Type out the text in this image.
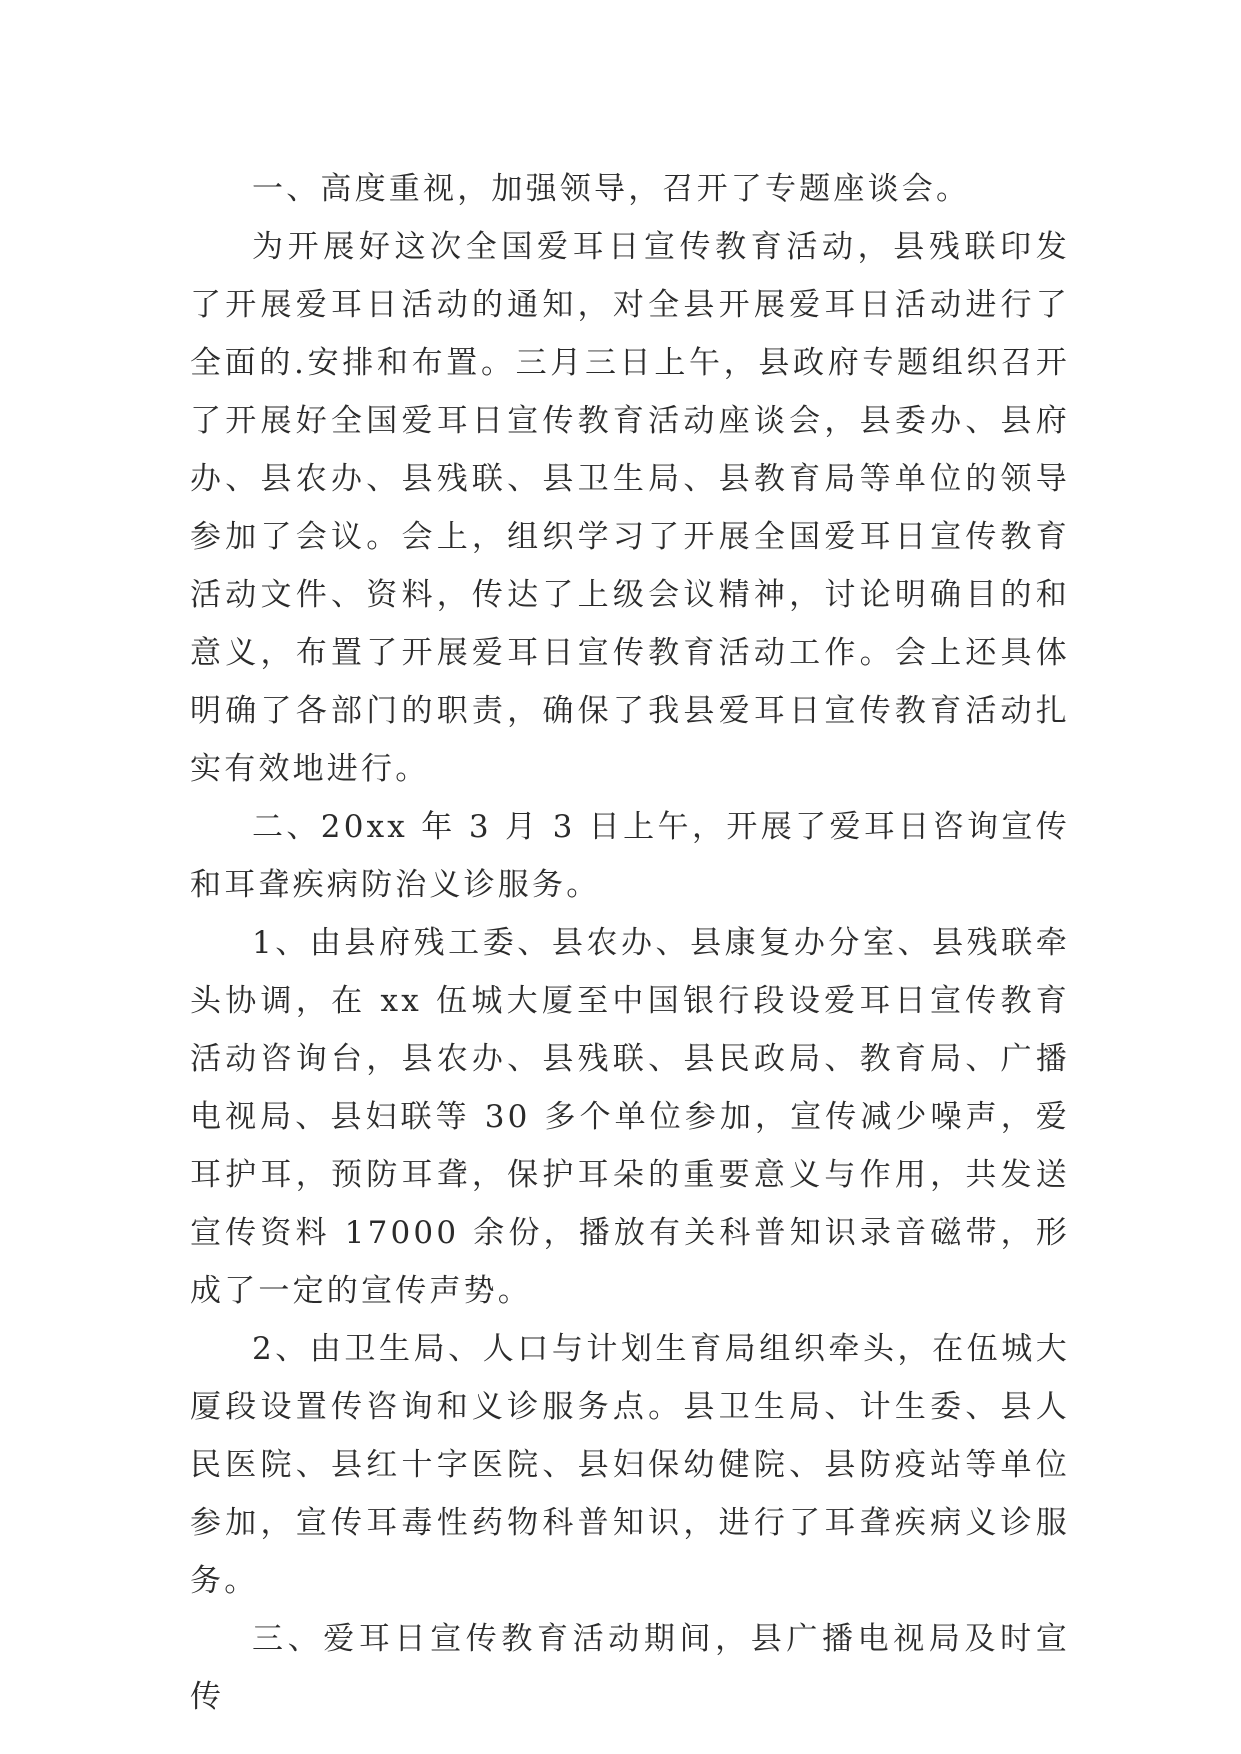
一、高度重视，加强领导，召开了专题座谈会。

为开展好这次全国爱耳日宣传教育活动，县残联印发了开展爱耳日活动的通知，对全县开展爱耳日活动进行了全面的.安排和布置。三月三日上午，县政府专题组织召开了开展好全国爱耳日宣传教育活动座谈会，县委办、县府办、县农办、县残联、县卫生局、县教育局等单位的领导参加了会议。会上，组织学习了开展全国爱耳日宣传教育活动文件、资料，传达了上级会议精神，讨论明确目的和意义，布置了开展爱耳日宣传教育活动工作。会上还具体明确了各部门的职责，确保了我县爱耳日宣传教育活动扎实有效地进行。

二、20xx 年 3 月 3 日上午，开展了爱耳日咨询宣传和耳聋疾病防治义诊服务。

1、由县府残工委、县农办、县康复办分室、县残联牵头协调，在 xx 伍城大厦至中国银行段设爱耳日宣传教育活动咨询台，县农办、县残联、县民政局、教育局、广播电视局、县妇联等 30 多个单位参加，宣传减少噪声，爱耳护耳，预防耳聋，保护耳朵的重要意义与作用，共发送宣传资料 17000 余份，播放有关科普知识录音磁带，形成了一定的宣传声势。

2、由卫生局、人口与计划生育局组织牵头，在伍城大厦段设置传咨询和义诊服务点。县卫生局、计生委、县人民医院、县红十字医院、县妇保幼健院、县防疫站等单位参加，宣传耳毒性药物科普知识，进行了耳聋疾病义诊服务。

三、爱耳日宣传教育活动期间，县广播电视局及时宣传
